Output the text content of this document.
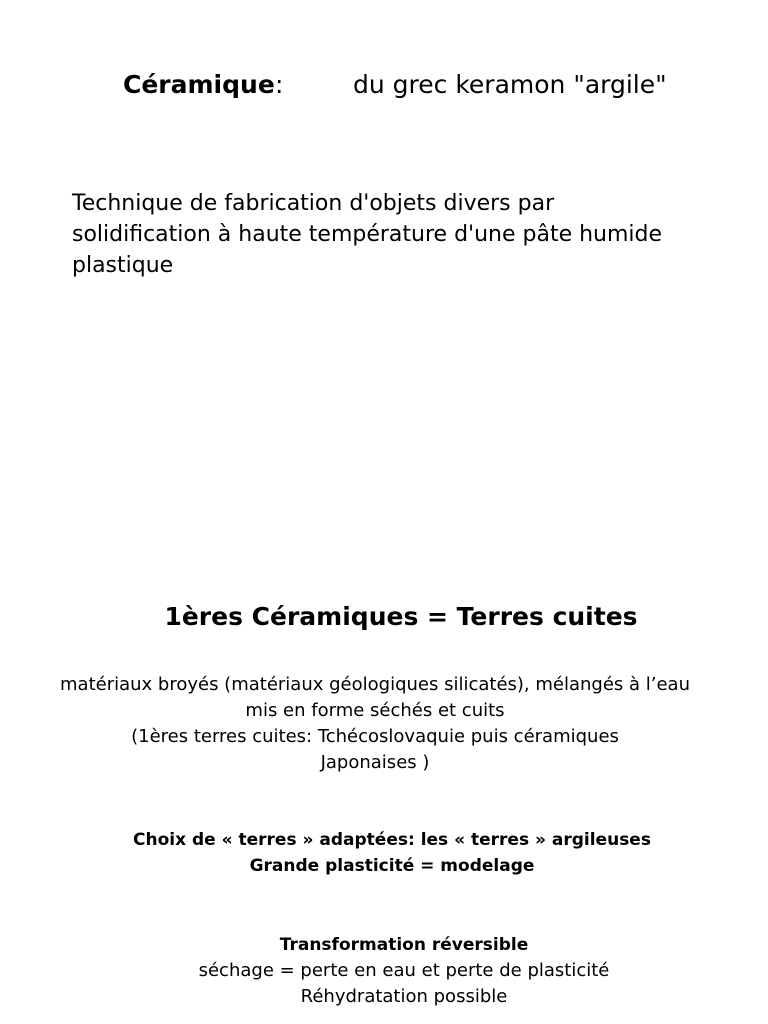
Céramique :	du grec keramon "argile"
Technique de fabrication d'objets divers par
solidification à haute température d'une pâte humide
plastique
1ères Céramiques = Terres cuites
matériaux broyés (matériaux géologiques silicatés), mélangés à l’eau
mis en forme séchés et cuits
(1ères terres cuites: Tchécoslovaquie puis céramiques
Japonaises )
Choix de « terres » adaptées: les « terres » argileuses
Grande plasticité = modelage
Transformation réversible
séchage = perte en eau et perte de plasticité
Réhydratation possible
